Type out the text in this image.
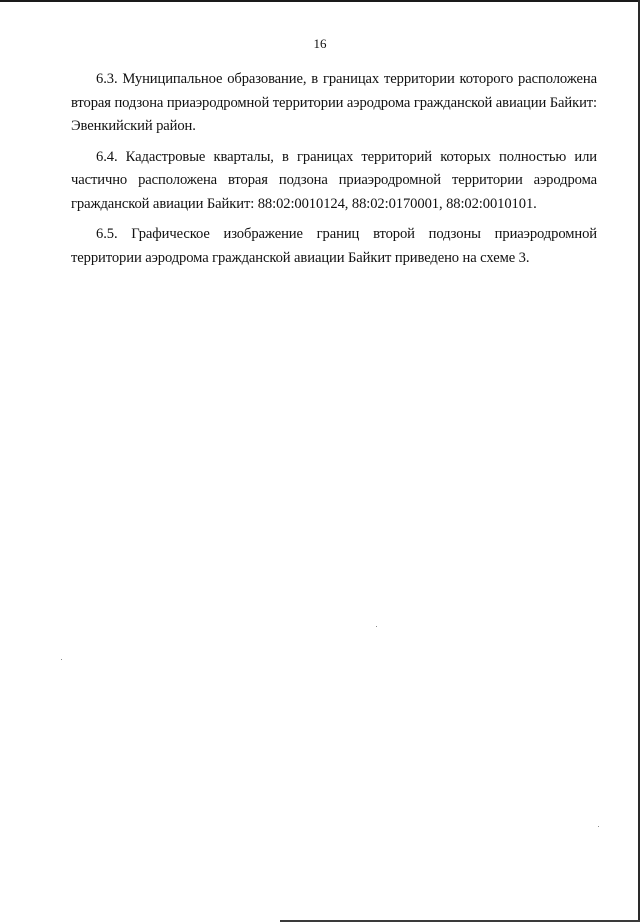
16

6.3. Муниципальное образование, в границах территории которого расположена вторая подзона приаэродромной территории аэродрома гражданской авиации Байкит: Эвенкийский район.

6.4. Кадастровые кварталы, в границах территорий которых полностью или частично расположена вторая подзона приаэродромной территории аэродрома гражданской авиации Байкит: 88:02:0010124, 88:02:0170001, 88:02:0010101.

6.5. Графическое изображение границ второй подзоны приаэродромной территории аэродрома гражданской авиации Байкит приведено на схеме 3.
